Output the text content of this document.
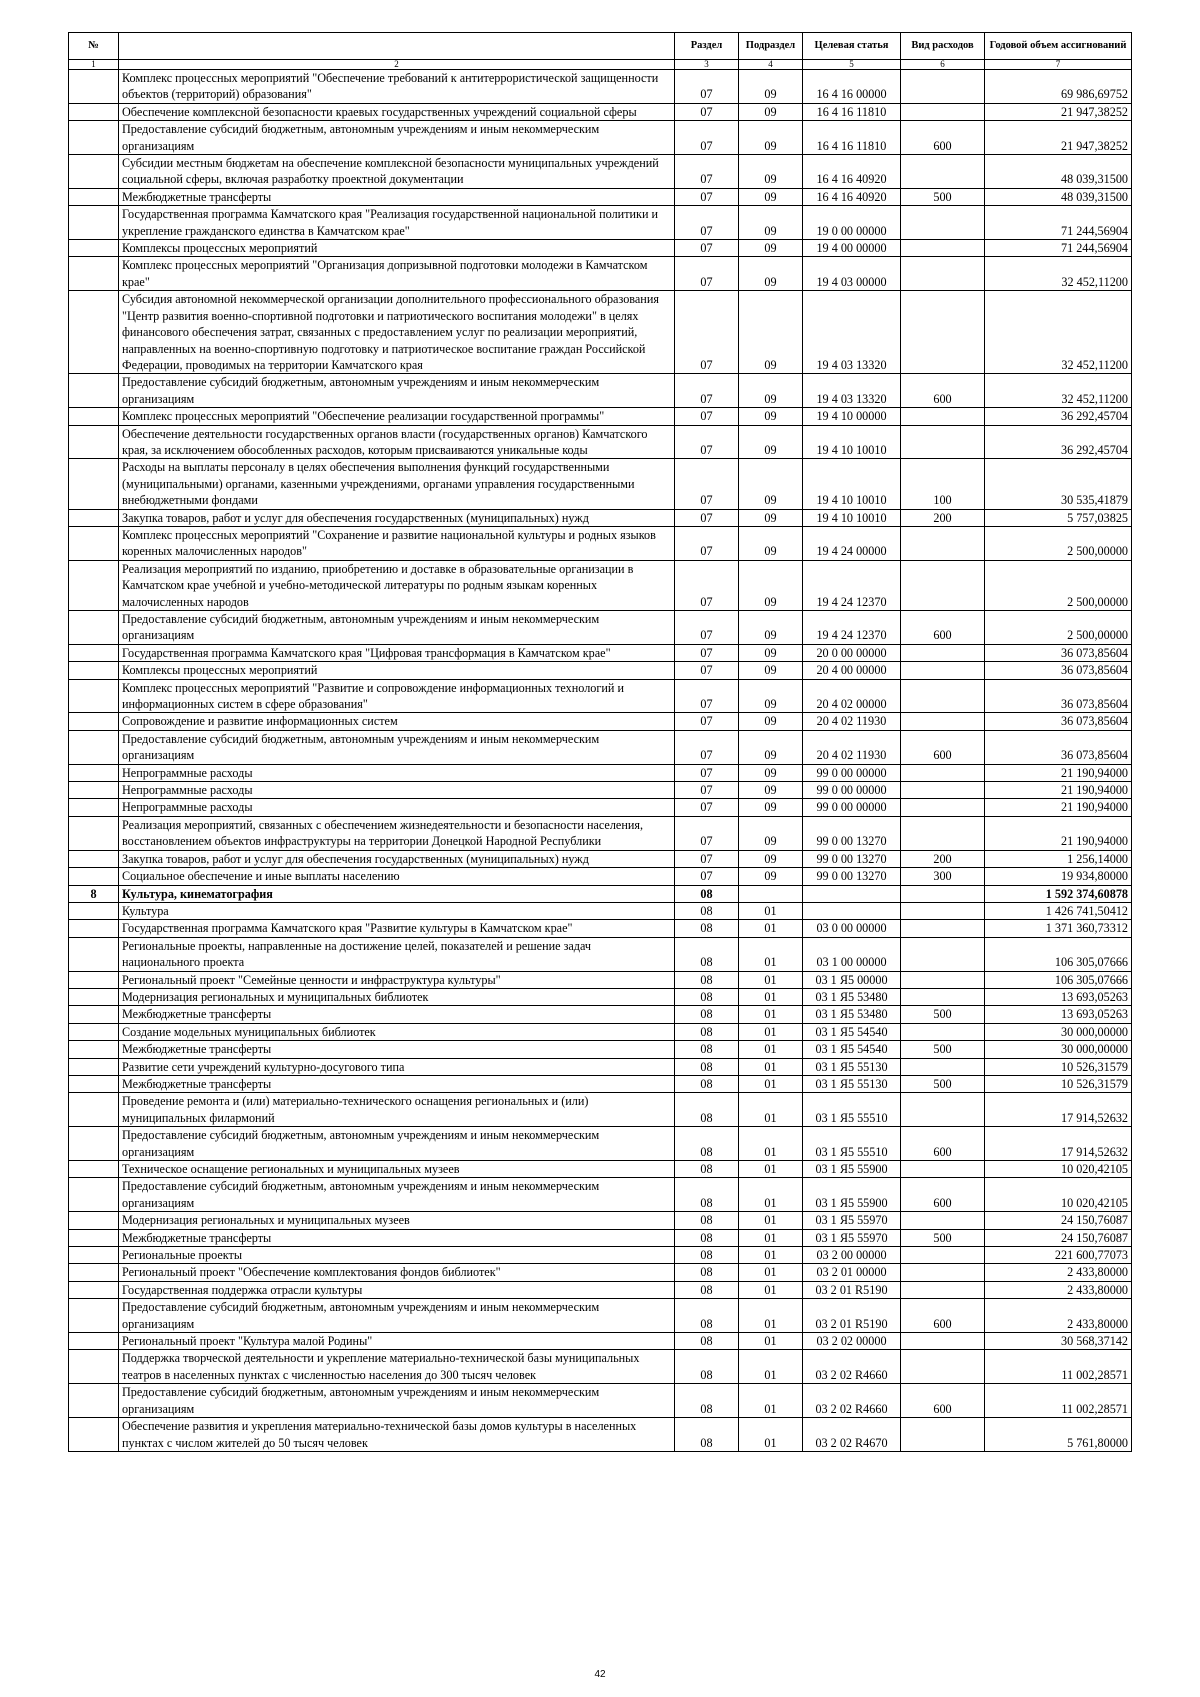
№		Раздел	Подраздел	Целевая статья	Вид расходов	Годовой объем ассигнований
1	2	3	4	5	6	7
	Комплекс процессных мероприятий "Обеспечение требований к антитеррористической защищенности объектов (территорий) образования"	07	09	16 4 16 00000		69 986,69752
	Обеспечение комплексной безопасности краевых государственных учреждений социальной сферы	07	09	16 4 16 11810		21 947,38252
	Предоставление субсидий бюджетным, автономным учреждениям и иным некоммерческим организациям	07	09	16 4 16 11810	600	21 947,38252
	Субсидии местным бюджетам на обеспечение комплексной безопасности муниципальных учреждений социальной сферы, включая разработку проектной документации	07	09	16 4 16 40920		48 039,31500
	Межбюджетные трансферты	07	09	16 4 16 40920	500	48 039,31500
	Государственная программа Камчатского края "Реализация государственной национальной политики и укрепление гражданского единства в Камчатском крае"	07	09	19 0 00 00000		71 244,56904
	Комплексы процессных мероприятий	07	09	19 4 00 00000		71 244,56904
	Комплекс процессных мероприятий "Организация допризывной подготовки молодежи в Камчатском крае"	07	09	19 4 03 00000		32 452,11200
	Субсидия автономной некоммерческой организации дополнительного профессионального образования "Центр развития военно-спортивной подготовки и патриотического воспитания молодежи" в целях финансового обеспечения затрат, связанных с предоставлением услуг по реализации мероприятий, направленных на военно-спортивную подготовку и патриотическое воспитание граждан Российской Федерации, проводимых на территории Камчатского края	07	09	19 4 03 13320		32 452,11200
	Предоставление субсидий бюджетным, автономным учреждениям и иным некоммерческим организациям	07	09	19 4 03 13320	600	32 452,11200
	Комплекс процессных мероприятий "Обеспечение реализации государственной программы"	07	09	19 4 10 00000		36 292,45704
	Обеспечение деятельности государственных органов власти (государственных органов) Камчатского края, за исключением обособленных расходов, которым присваиваются уникальные коды	07	09	19 4 10 10010		36 292,45704
	Расходы на выплаты персоналу в целях обеспечения выполнения функций государственными (муниципальными) органами, казенными учреждениями, органами управления государственными внебюджетными фондами	07	09	19 4 10 10010	100	30 535,41879
	Закупка товаров, работ и услуг для обеспечения государственных (муниципальных) нужд	07	09	19 4 10 10010	200	5 757,03825
	Комплекс процессных мероприятий "Сохранение и развитие национальной культуры и родных языков коренных малочисленных народов"	07	09	19 4 24 00000		2 500,00000
	Реализация мероприятий по изданию, приобретению и доставке в образовательные организации в Камчатском крае учебной и учебно-методической литературы по родным языкам коренных малочисленных народов	07	09	19 4 24 12370		2 500,00000
	Предоставление субсидий бюджетным, автономным учреждениям и иным некоммерческим организациям	07	09	19 4 24 12370	600	2 500,00000
	Государственная программа Камчатского края "Цифровая трансформация в Камчатском крае"	07	09	20 0 00 00000		36 073,85604
	Комплексы процессных мероприятий	07	09	20 4 00 00000		36 073,85604
	Комплекс процессных мероприятий "Развитие и сопровождение информационных технологий и информационных систем в сфере образования"	07	09	20 4 02 00000		36 073,85604
	Сопровождение и развитие информационных систем	07	09	20 4 02 11930		36 073,85604
	Предоставление субсидий бюджетным, автономным учреждениям и иным некоммерческим организациям	07	09	20 4 02 11930	600	36 073,85604
	Непрограммные расходы	07	09	99 0 00 00000		21 190,94000
	Непрограммные расходы	07	09	99 0 00 00000		21 190,94000
	Непрограммные расходы	07	09	99 0 00 00000		21 190,94000
	Реализация мероприятий, связанных с обеспечением жизнедеятельности и безопасности населения, восстановлением объектов инфраструктуры на территории Донецкой Народной Республики	07	09	99 0 00 13270		21 190,94000
	Закупка товаров, работ и услуг для обеспечения государственных (муниципальных) нужд	07	09	99 0 00 13270	200	1 256,14000
	Социальное обеспечение и иные выплаты населению	07	09	99 0 00 13270	300	19 934,80000
8	Культура, кинематография	08				1 592 374,60878
	Культура	08	01			1 426 741,50412
	Государственная программа Камчатского края "Развитие культуры в Камчатском крае"	08	01	03 0 00 00000		1 371 360,73312
	Региональные проекты, направленные на достижение целей, показателей и решение задач национального проекта	08	01	03 1 00 00000		106 305,07666
	Региональный проект "Семейные ценности и инфраструктура культуры"	08	01	03 1 Я5 00000		106 305,07666
	Модернизация региональных и муниципальных библиотек	08	01	03 1 Я5 53480		13 693,05263
	Межбюджетные трансферты	08	01	03 1 Я5 53480	500	13 693,05263
	Создание модельных муниципальных библиотек	08	01	03 1 Я5 54540		30 000,00000
	Межбюджетные трансферты	08	01	03 1 Я5 54540	500	30 000,00000
	Развитие сети учреждений культурно-досугового типа	08	01	03 1 Я5 55130		10 526,31579
	Межбюджетные трансферты	08	01	03 1 Я5 55130	500	10 526,31579
	Проведение ремонта и (или) материально-технического оснащения региональных и (или) муниципальных филармоний	08	01	03 1 Я5 55510		17 914,52632
	Предоставление субсидий бюджетным, автономным учреждениям и иным некоммерческим организациям	08	01	03 1 Я5 55510	600	17 914,52632
	Техническое оснащение региональных и муниципальных музеев	08	01	03 1 Я5 55900		10 020,42105
	Предоставление субсидий бюджетным, автономным учреждениям и иным некоммерческим организациям	08	01	03 1 Я5 55900	600	10 020,42105
	Модернизация региональных и муниципальных музеев	08	01	03 1 Я5 55970		24 150,76087
	Межбюджетные трансферты	08	01	03 1 Я5 55970	500	24 150,76087
	Региональные проекты	08	01	03 2 00 00000		221 600,77073
	Региональный проект "Обеспечение комплектования фондов библиотек"	08	01	03 2 01 00000		2 433,80000
	Государственная поддержка отрасли культуры	08	01	03 2 01 R5190		2 433,80000
	Предоставление субсидий бюджетным, автономным учреждениям и иным некоммерческим организациям	08	01	03 2 01 R5190	600	2 433,80000
	Региональный проект "Культура малой Родины"	08	01	03 2 02 00000		30 568,37142
	Поддержка творческой деятельности и укрепление материально-технической базы муниципальных театров в населенных пунктах с численностью населения до 300 тысяч человек	08	01	03 2 02 R4660		11 002,28571
	Предоставление субсидий бюджетным, автономным учреждениям и иным некоммерческим организациям	08	01	03 2 02 R4660	600	11 002,28571
	Обеспечение развития и укрепления материально-технической базы домов культуры в населенных пунктах с числом жителей до 50 тысяч человек	08	01	03 2 02 R4670		5 761,80000
42
